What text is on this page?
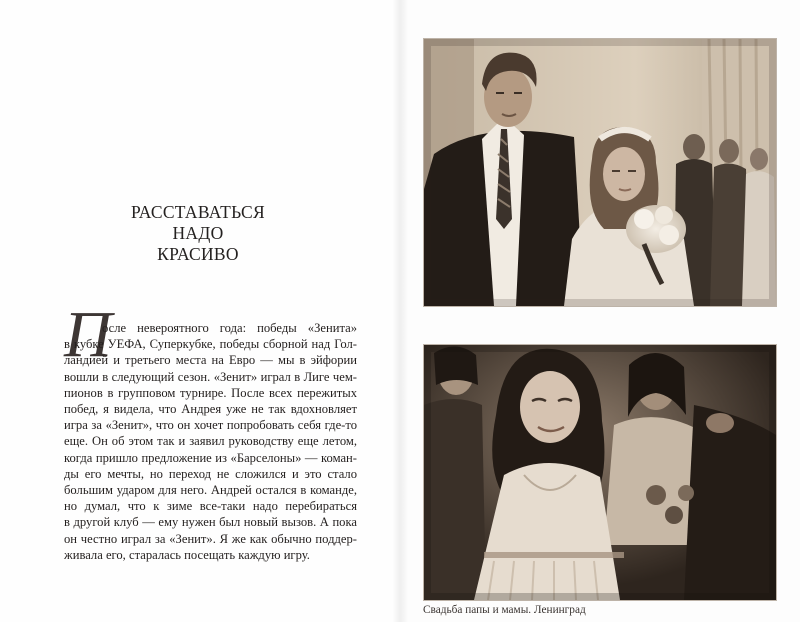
РАССТАВАТЬСЯ
НАДО
КРАСИВО
П
осле невероятного года: победы «Зенита»
в кубке УЕФА, Суперкубке, победы сборной над Гол-
ландией и третьего места на Евро — мы в эйфории
вошли в следующий сезон. «Зенит» играл в Лиге чем-
пионов в групповом турнире. После всех пережитых
побед, я видела, что Андрея уже не так вдохновляет
игра за «Зенит», что он хочет попробовать себя где-то
еще. Он об этом так и заявил руководству еще летом,
когда пришло предложение из «Барселоны» — коман-
ды его мечты, но переход не сложился и это стало
большим ударом для него. Андрей остался в команде,
но думал, что к зиме все-таки надо перебираться
в другой клуб — ему нужен был новый вызов. А пока
он честно играл за «Зенит». Я же как обычно поддер-
живала его, старалась посещать каждую игру.
Свадьба папы и мамы. Ленинград
